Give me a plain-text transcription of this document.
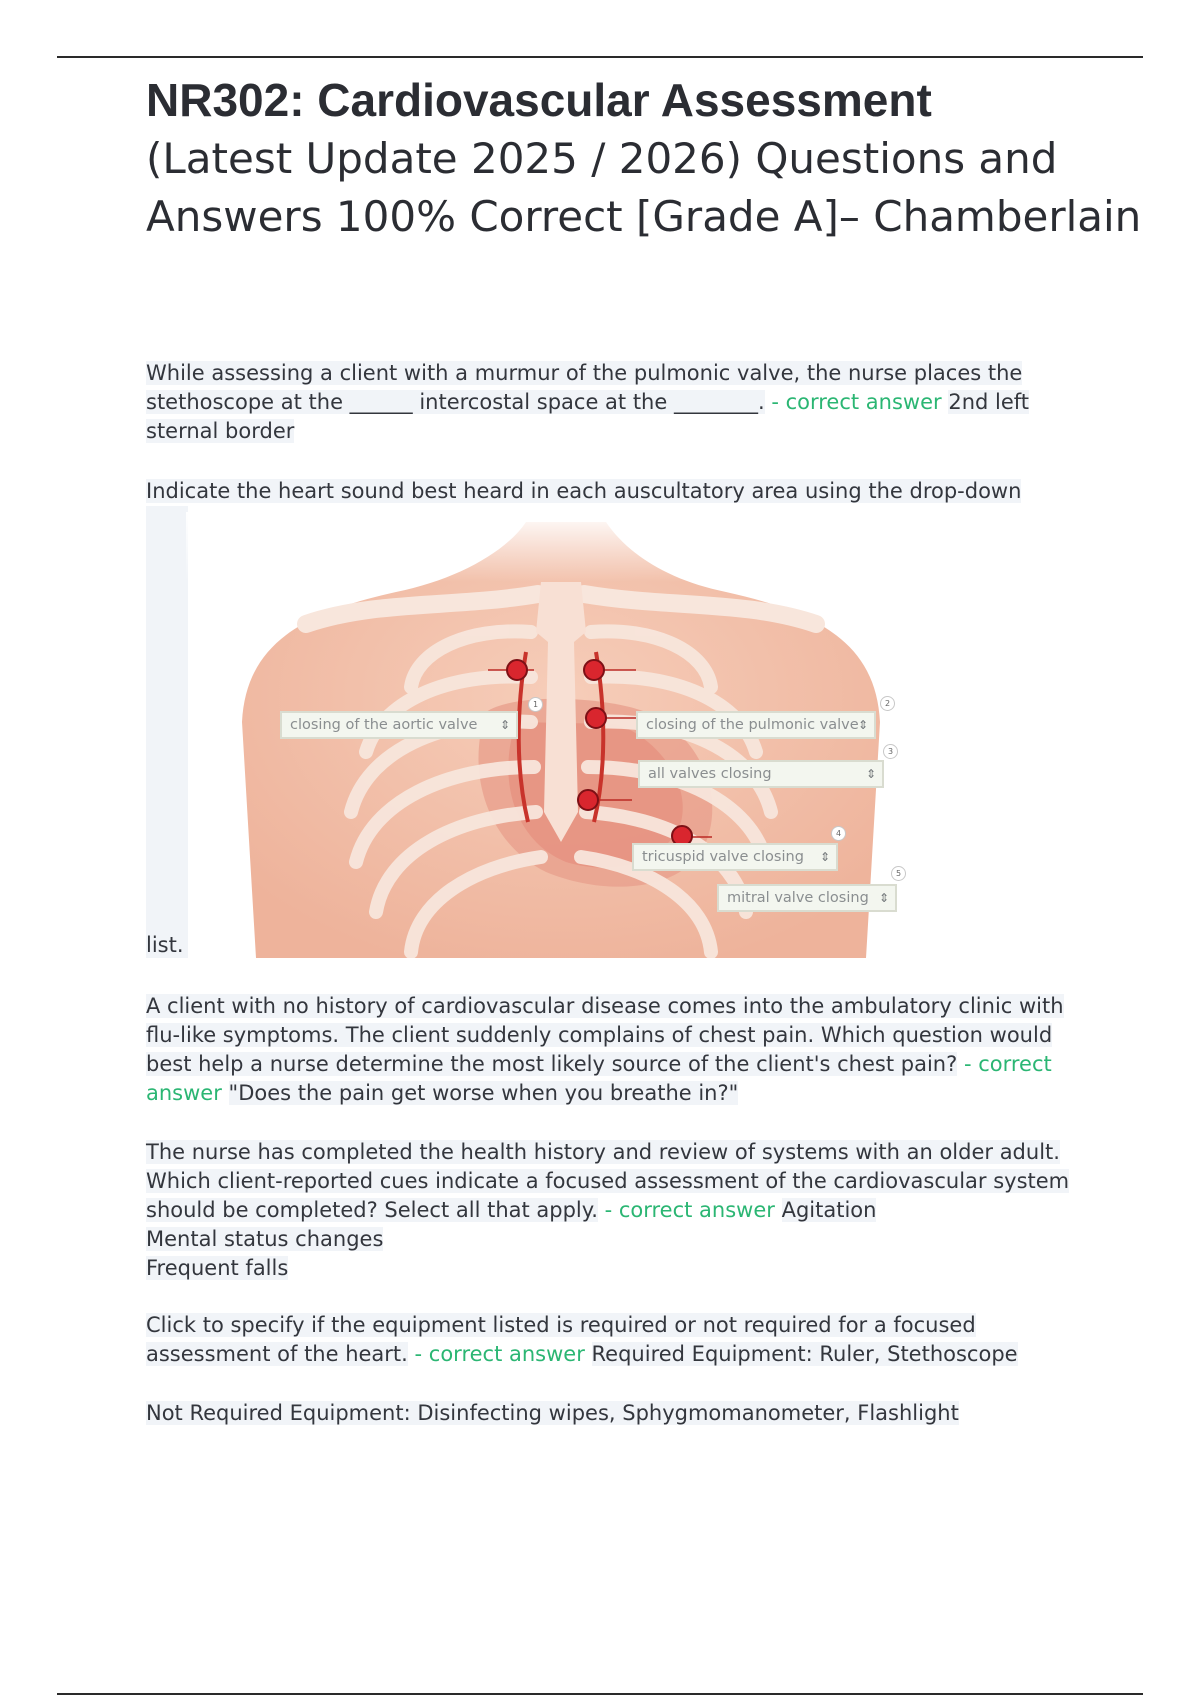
NR302: Cardiovascular Assessment

(Latest Update 2025 / 2026) Questions and Answers 100% Correct [Grade A]– Chamberlain

While assessing a client with a murmur of the pulmonic valve, the nurse places the stethoscope at the ______ intercostal space at the ________. - correct answer 2nd left sternal border

Indicate the heart sound best heard in each auscultatory area using the drop-down

closing of the aortic valve ⇕	closing of the pulmonic valve ⇕
all valves closing	⇕
tricuspid valve closing ⇕
mitral valve closing ⇕
1	2
3
4
5
list.

A client with no history of cardiovascular disease comes into the ambulatory clinic with flu-like symptoms. The client suddenly complains of chest pain. Which question would best help a nurse determine the most likely source of the client's chest pain? - correct answer "Does the pain get worse when you breathe in?"

The nurse has completed the health history and review of systems with an older adult. Which client-reported cues indicate a focused assessment of the cardiovascular system should be completed? Select all that apply. - correct answer Agitation
Mental status changes
Frequent falls

Click to specify if the equipment listed is required or not required for a focused assessment of the heart. - correct answer Required Equipment: Ruler, Stethoscope

Not Required Equipment: Disinfecting wipes, Sphygmomanometer, Flashlight
